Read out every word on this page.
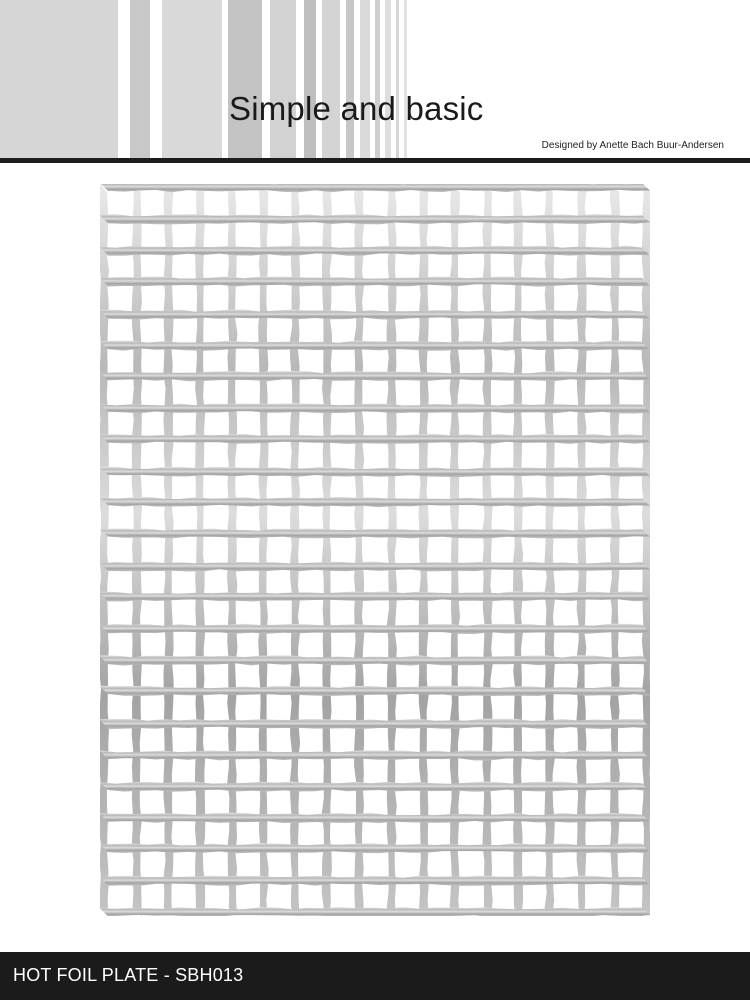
Simple and basic
Designed by Anette Bach Buur-Andersen
HOT FOIL PLATE - SBH013
